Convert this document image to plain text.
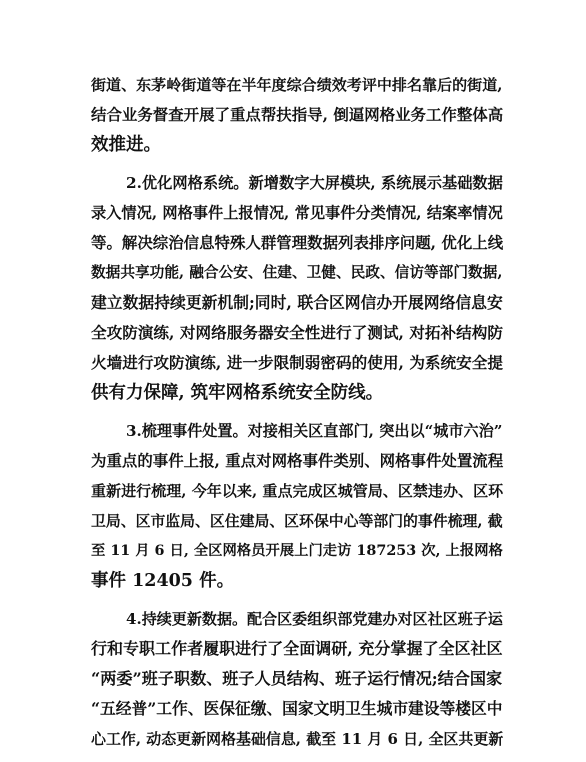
街道、东茅岭街道等在半年度综合绩效考评中排名靠后的街道,
结合业务督查开展了重点帮扶指导, 倒逼网格业务工作整体高
效推进。
2.优化网格系统。新增数字大屏模块, 系统展示基础数据
录入情况, 网格事件上报情况, 常见事件分类情况, 结案率情况
等。解决综治信息特殊人群管理数据列表排序问题, 优化上线
数据共享功能, 融合公安、住建、卫健、民政、信访等部门数据,
建立数据持续更新机制;同时, 联合区网信办开展网络信息安
全攻防演练, 对网络服务器安全性进行了测试, 对拓补结构防
火墙进行攻防演练, 进一步限制弱密码的使用, 为系统安全提
供有力保障, 筑牢网格系统安全防线。
3.梳理事件处置。对接相关区直部门, 突出以“城市六治”
为重点的事件上报, 重点对网格事件类别、网格事件处置流程
重新进行梳理, 今年以来, 重点完成区城管局、区禁违办、区环
卫局、区市监局、区住建局、区环保中心等部门的事件梳理, 截
至 11 月 6 日, 全区网格员开展上门走访 187253 次, 上报网格
事件 12405 件。
4.持续更新数据。配合区委组织部党建办对区社区班子运
行和专职工作者履职进行了全面调研, 充分掌握了全区社区
“两委”班子职数、班子人员结构、班子运行情况;结合国家
“五经普”工作、医保征缴、国家文明卫生城市建设等楼区中
心工作, 动态更新网格基础信息, 截至 11 月 6 日, 全区共更新
